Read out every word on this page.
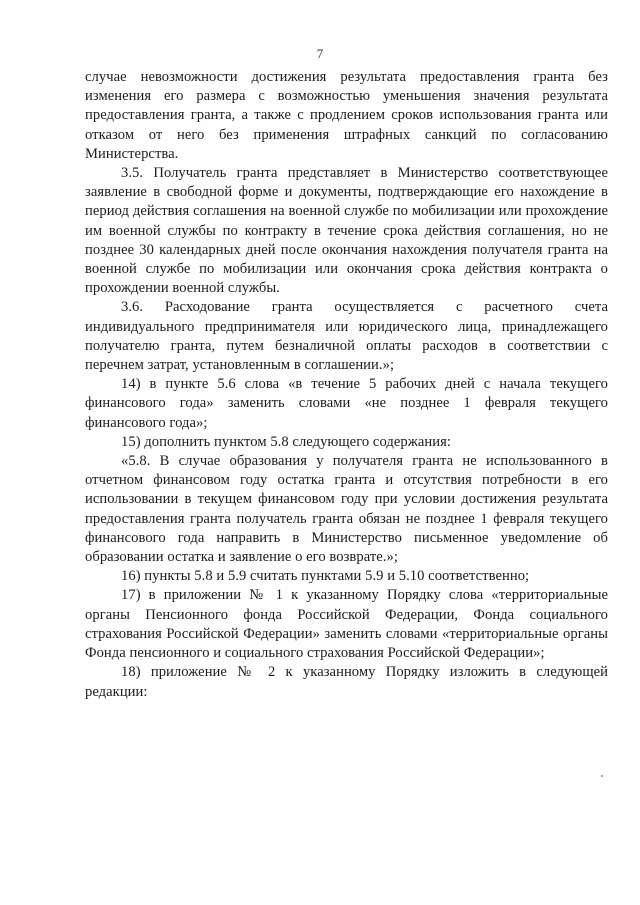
7

случае невозможности достижения результата предоставления гранта без изменения его размера с возможностью уменьшения значения результата предоставления гранта, а также с продлением сроков использования гранта или отказом от него без применения штрафных санкций по согласованию Министерства.

3.5. Получатель гранта представляет в Министерство соответствующее заявление в свободной форме и документы, подтверждающие его нахождение в период действия соглашения на военной службе по мобилизации или прохождение им военной службы по контракту в течение срока действия соглашения, но не позднее 30 календарных дней после окончания нахождения получателя гранта на военной службе по мобилизации или окончания срока действия контракта о прохождении военной службы.

3.6. Расходование гранта осуществляется с расчетного счета индивидуального предпринимателя или юридического лица, принадлежащего получателю гранта, путем безналичной оплаты расходов в соответствии с перечнем затрат, установленным в соглашении.»;

14) в пункте 5.6 слова «в течение 5 рабочих дней с начала текущего финансового года» заменить словами «не позднее 1 февраля текущего финансового года»;

15) дополнить пунктом 5.8 следующего содержания:

«5.8. В случае образования у получателя гранта не использованного в отчетном финансовом году остатка гранта и отсутствия потребности в его использовании в текущем финансовом году при условии достижения результата предоставления гранта получатель гранта обязан не позднее 1 февраля текущего финансового года направить в Министерство письменное уведомление об образовании остатка и заявление о его возврате.»;

16) пункты 5.8 и 5.9 считать пунктами 5.9 и 5.10 соответственно;

17) в приложении № 1 к указанному Порядку слова «территориальные органы Пенсионного фонда Российской Федерации, Фонда социального страхования Российской Федерации» заменить словами «территориальные органы Фонда пенсионного и социального страхования Российской Федерации»;

18) приложение № 2 к указанному Порядку изложить в следующей редакции:
